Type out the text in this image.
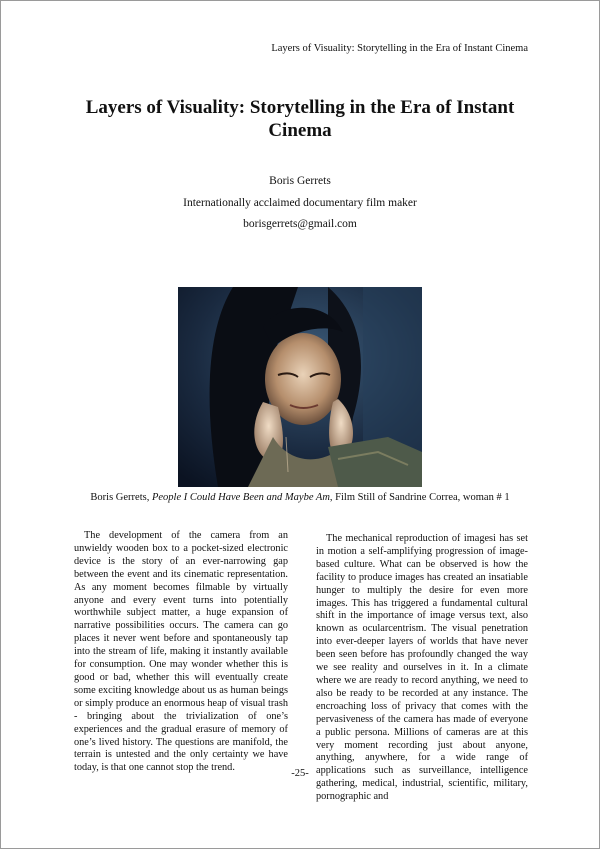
Layers of Visuality: Storytelling in the Era of Instant Cinema
Layers of Visuality: Storytelling in the Era of Instant Cinema
Boris Gerrets
Internationally acclaimed documentary film maker
borisgerrets@gmail.com
Boris Gerrets, People I Could Have Been and Maybe Am, Film Still of Sandrine Correa, woman # 1

The development of the camera from an unwieldy wooden box to a pocket-sized electronic device is the story of an ever-narrowing gap between the event and its cinematic representation. As any moment becomes filmable by virtually anyone and every event turns into potentially worthwhile subject matter, a huge expansion of narrative possibilities occurs. The camera can go places it never went before and spontaneously tap into the stream of life, making it instantly available for consumption. One may wonder whether this is good or bad, whether this will eventually create some exciting knowledge about us as human beings or simply produce an enormous heap of visual trash - bringing about the trivialization of one’s experiences and the gradual erasure of memory of one’s lived history. The questions are manifold, the terrain is untested and the only certainty we have today, is that one cannot stop the trend.

The mechanical reproduction of imagesi has set in motion a self-amplifying progression of image-based culture. What can be observed is how the facility to produce images has created an insatiable hunger to multiply the desire for even more images. This has triggered a fundamental cultural shift in the importance of image versus text, also known as ocularcentrism. The visual penetration into ever-deeper layers of worlds that have never been seen before has profoundly changed the way we see reality and ourselves in it. In a climate where we are ready to record anything, we need to also be ready to be recorded at any instance. The encroaching loss of privacy that comes with the pervasiveness of the camera has made of everyone a public persona. Millions of cameras are at this very moment recording just about anyone, anything, anywhere, for a wide range of applications such as surveillance, intelligence gathering, medical, industrial, scientific, military, pornographic and

-25-
